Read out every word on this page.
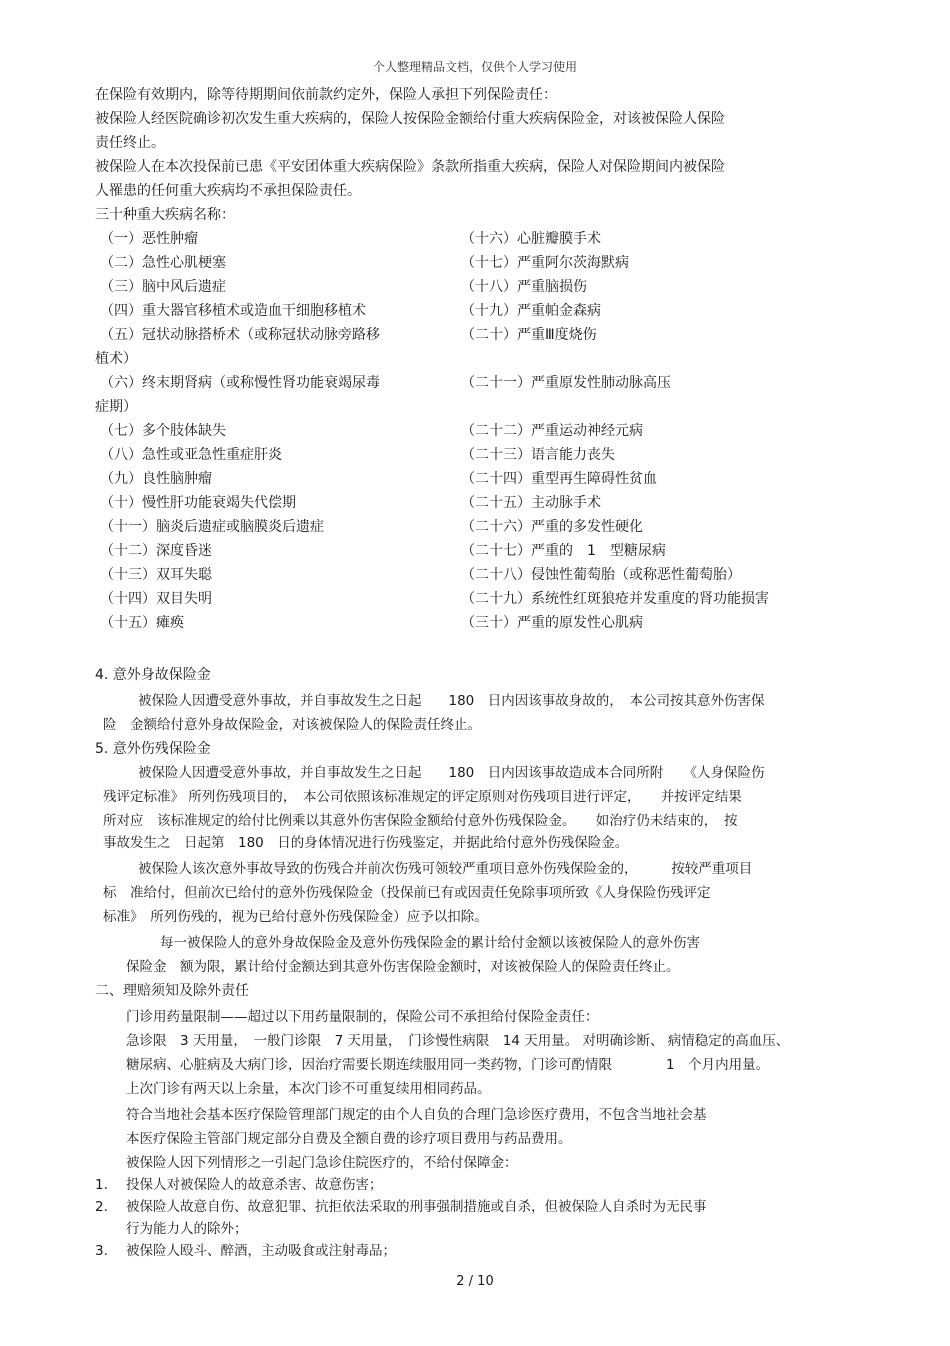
个人整理精品文档，仅供个人学习使用
在保险有效期内，除等待期期间依前款约定外，保险人承担下列保险责任：
被保险人经医院确诊初次发生重大疾病的，保险人按保险金额给付重大疾病保险金，对该被保险人保险
责任终止。
被保险人在本次投保前已患《平安团体重大疾病保险》条款所指重大疾病，保险人对保险期间内被保险
人罹患的任何重大疾病均不承担保险责任。
三十种重大疾病名称：
（一）恶性肿瘤
（二）急性心肌梗塞
（三）脑中风后遗症
（四）重大器官移植术或造血干细胞移植术
（五）冠状动脉搭桥术（或称冠状动脉旁路移
植术）
（六）终末期肾病（或称慢性肾功能衰竭尿毒
症期）
（七）多个肢体缺失
（八）急性或亚急性重症肝炎
（九）良性脑肿瘤
（十）慢性肝功能衰竭失代偿期
（十一）脑炎后遗症或脑膜炎后遗症
（十二）深度昏迷
（十三）双耳失聪
（十四）双目失明
（十五）瘫痪
（十六）心脏瓣膜手术
（十七）严重阿尔茨海默病
（十八）严重脑损伤
（十九）严重帕金森病
（二十）严重Ⅲ度烧伤
（二十一）严重原发性肺动脉高压
（二十二）严重运动神经元病
（二十三）语言能力丧失
（二十四）重型再生障碍性贫血
（二十五）主动脉手术
（二十六）严重的多发性硬化
（二十七）严重的　1　型糖尿病
（二十八）侵蚀性葡萄胎（或称恶性葡萄胎）
（二十九）系统性红斑狼疮并发重度的肾功能损害
（三十）严重的原发性心肌病
4. 意外身故保险金
被保险人因遭受意外事故，并自事故发生之日起　　180　日内因该事故身故的，　本公司按其意外伤害保
险　金额给付意外身故保险金，对该被保险人的保险责任终止。
5. 意外伤残保险金
被保险人因遭受意外事故，并自事故发生之日起　　180　日内因该事故造成本合同所附　　《人身保险伤
残评定标准》 所列伤残项目的，　本公司依照该标准规定的评定原则对伤残项目进行评定，　　并按评定结果
所对应　该标准规定的给付比例乘以其意外伤害保险金额给付意外伤残保险金。　　如治疗仍未结束的，　按
事故发生之　日起第　180　日的身体情况进行伤残鉴定，并据此给付意外伤残保险金。
被保险人该次意外事故导致的伤残合并前次伤残可领较严重项目意外伤残保险金的，　　　按较严重项目
标　准给付，但前次已给付的意外伤残保险金（投保前已有或因责任免除事项所致《人身保险伤残评定
标准》　所列伤残的，视为已给付意外伤残保险金）应予以扣除。
每一被保险人的意外身故保险金及意外伤残保险金的累计给付金额以该被保险人的意外伤害
保险金　额为限，累计给付金额达到其意外伤害保险金额时，对该被保险人的保险责任终止。
二、理赔须知及除外责任
门诊用药量限制——超过以下用药量限制的，保险公司不承担给付保险金责任：
急诊限　3 天用量，　一般门诊限　7 天用量，　门诊慢性病限　14 天用量。 对明确诊断、 病情稳定的高血压、
糖尿病、心脏病及大病门诊，因治疗需要长期连续服用同一类药物，门诊可酌情限　　　　1　个月内用量。
上次门诊有两天以上余量，本次门诊不可重复续用相同药品。
符合当地社会基本医疗保险管理部门规定的由个人自负的合理门急诊医疗费用，不包含当地社会基
本医疗保险主管部门规定部分自费及全额自费的诊疗项目费用与药品费用。
被保险人因下列情形之一引起门急诊住院医疗的，不给付保障金：
1. 投保人对被保险人的故意杀害、故意伤害；
2. 被保险人故意自伤、故意犯罪、抗拒依法采取的刑事强制措施或自杀，但被保险人自杀时为无民事
行为能力人的除外；
3. 被保险人殴斗、醉酒，主动吸食或注射毒品；
2 / 10
